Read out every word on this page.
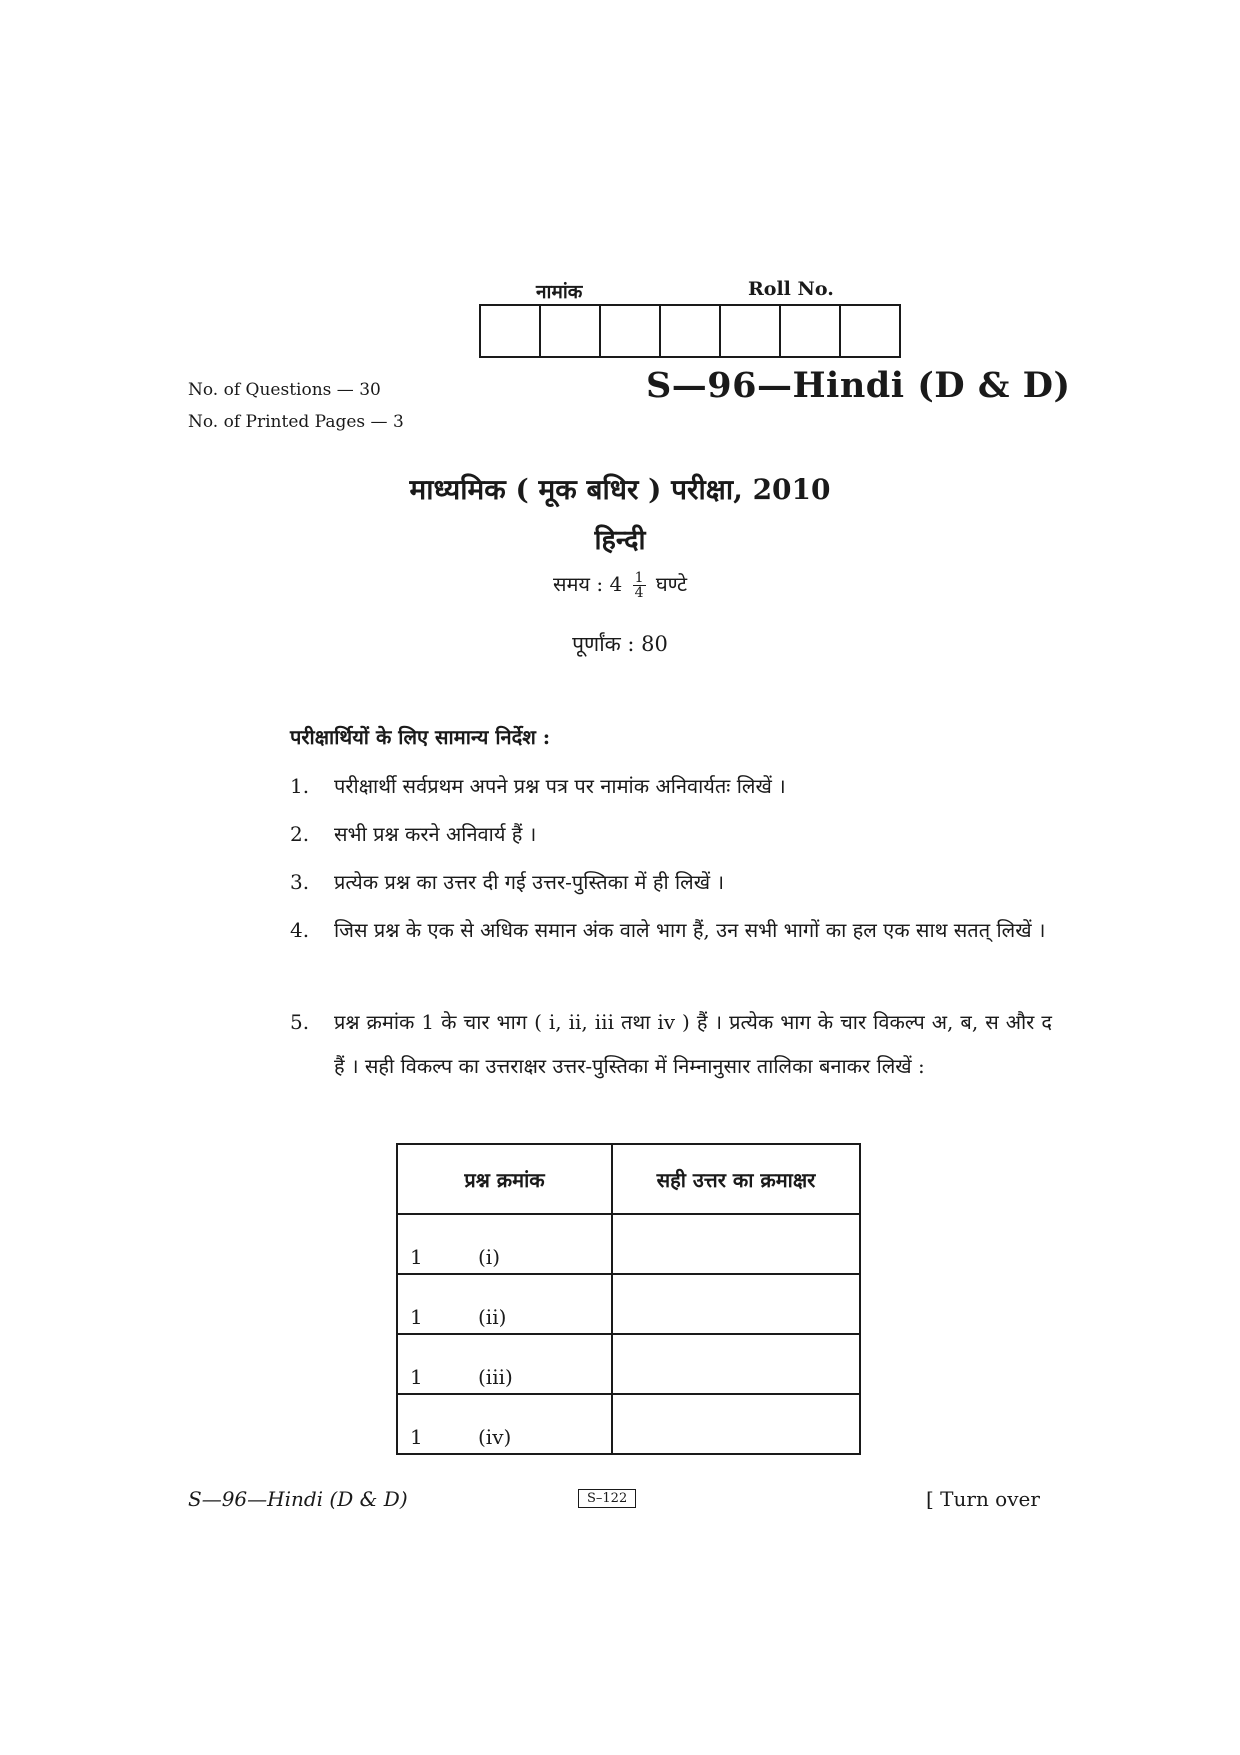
नामांक	Roll No.
No. of Questions — 30
No. of Printed Pages — 3
S—96—Hindi (D & D)
माध्यमिक ( मूक बधिर ) परीक्षा, 2010
हिन्दी
समय : $4 \frac{1}{4}$ घण्टे
पूर्णांक : 80
परीक्षार्थियों के लिए सामान्य निर्देश :
1.	परीक्षार्थी सर्वप्रथम अपने प्रश्न पत्र पर नामांक अनिवार्यतः लिखें ।
2.	सभी प्रश्न करने अनिवार्य हैं ।
3.	प्रत्येक प्रश्न का उत्तर दी गई उत्तर-पुस्तिका में ही लिखें ।
4.	जिस प्रश्न के एक से अधिक समान अंक वाले भाग हैं, उन सभी भागों का हल एक साथ सतत् लिखें ।
5.	प्रश्न क्रमांक 1 के चार भाग ( i, ii, iii तथा iv ) हैं । प्रत्येक भाग के चार विकल्प अ, ब, स और द हैं । सही विकल्प का उत्तराक्षर उत्तर-पुस्तिका में निम्नानुसार तालिका बनाकर लिखें :
प्रश्न क्रमांक	सही उत्तर का क्रमाक्षर
1 (i)	
1 (ii)	
1 (iii)	
1 (iv)	
S—96—Hindi (D & D)	S–122	[ Turn over
